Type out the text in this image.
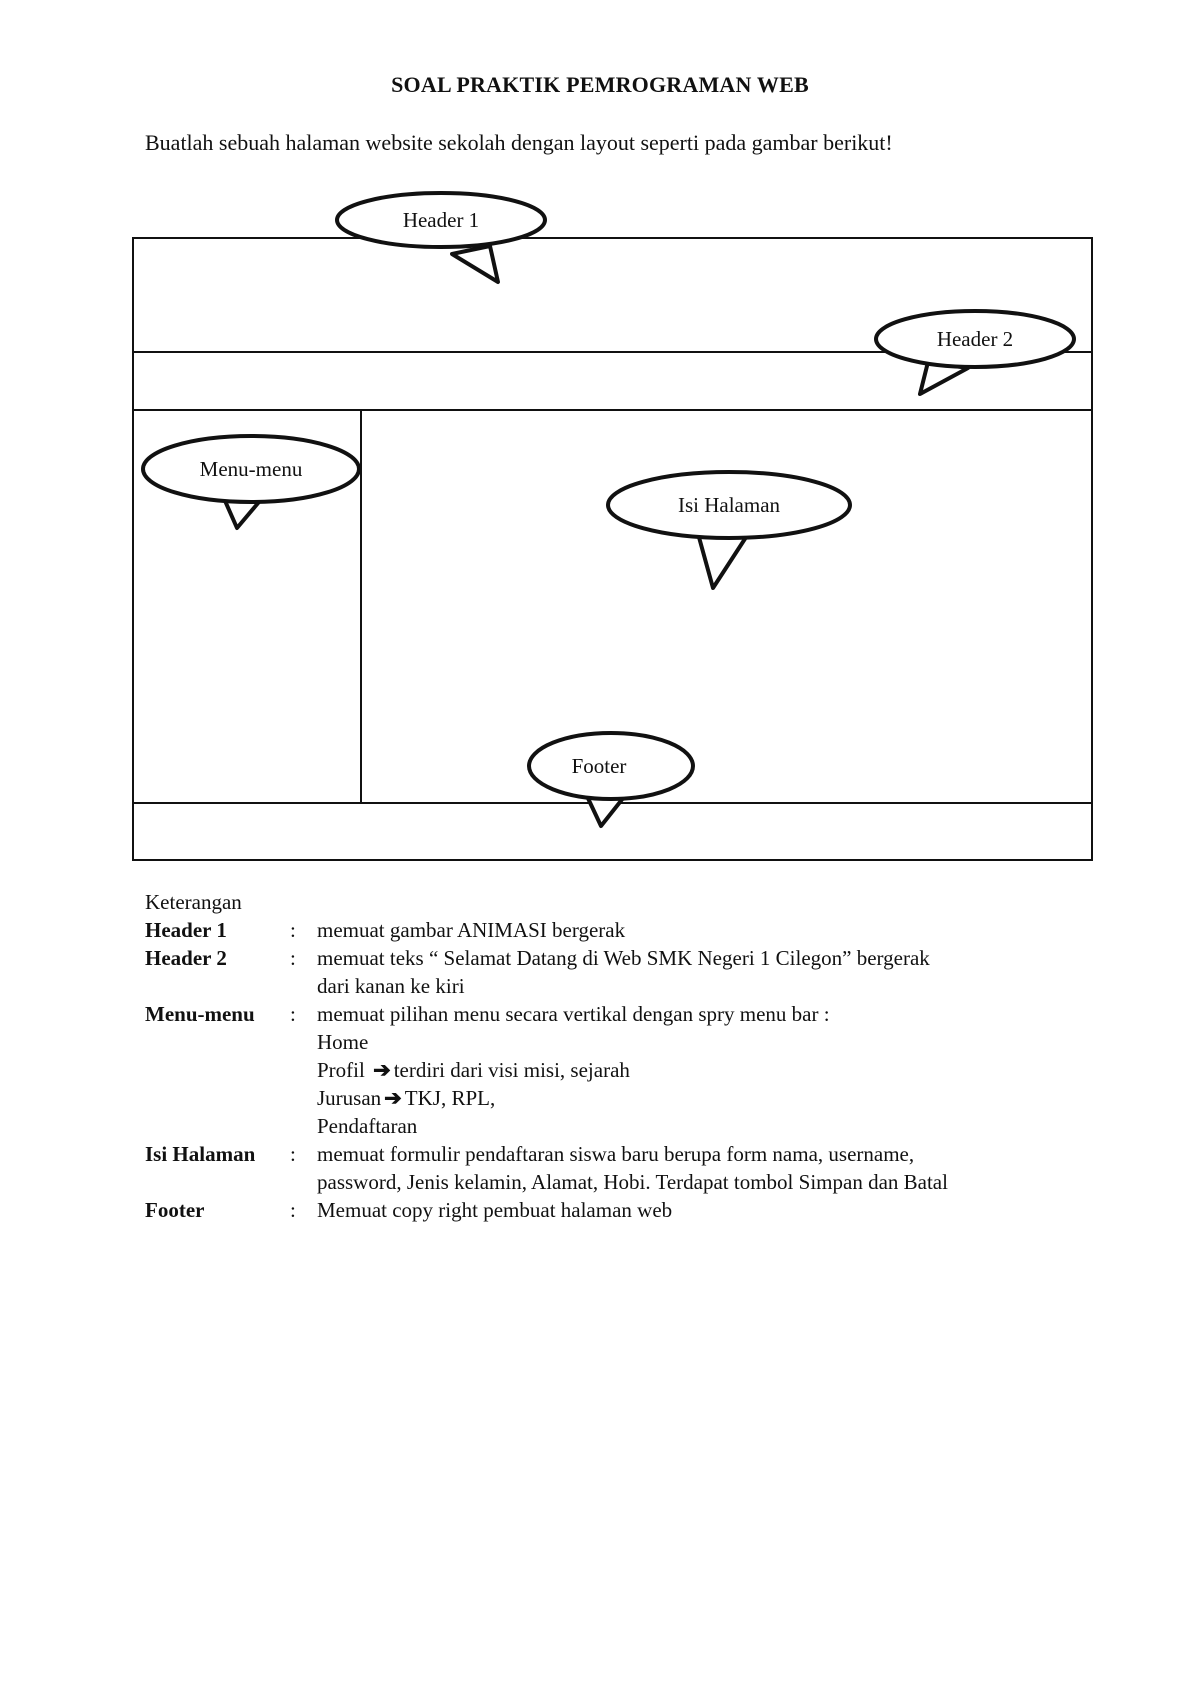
SOAL PRAKTIK PEMROGRAMAN WEB
Buatlah sebuah halaman website sekolah dengan layout seperti pada gambar berikut!
Header 1
Header 2
Menu-menu
Isi Halaman
Footer
Keterangan
Header 1	:	memuat gambar ANIMASI bergerak
Header 2	:	memuat teks “ Selamat Datang di Web SMK Negeri 1 Cilegon” bergerak
dari kanan ke kiri
Menu-menu	:	memuat pilihan menu secara vertikal dengan spry menu bar :
Home
Profil ➔ terdiri dari visi misi, sejarah
Jurusan ➔ TKJ, RPL,
Pendaftaran
Isi Halaman	:	memuat formulir pendaftaran siswa baru berupa form nama, username,
password, Jenis kelamin, Alamat, Hobi. Terdapat tombol Simpan dan Batal
Footer	:	Memuat copy right pembuat halaman web
